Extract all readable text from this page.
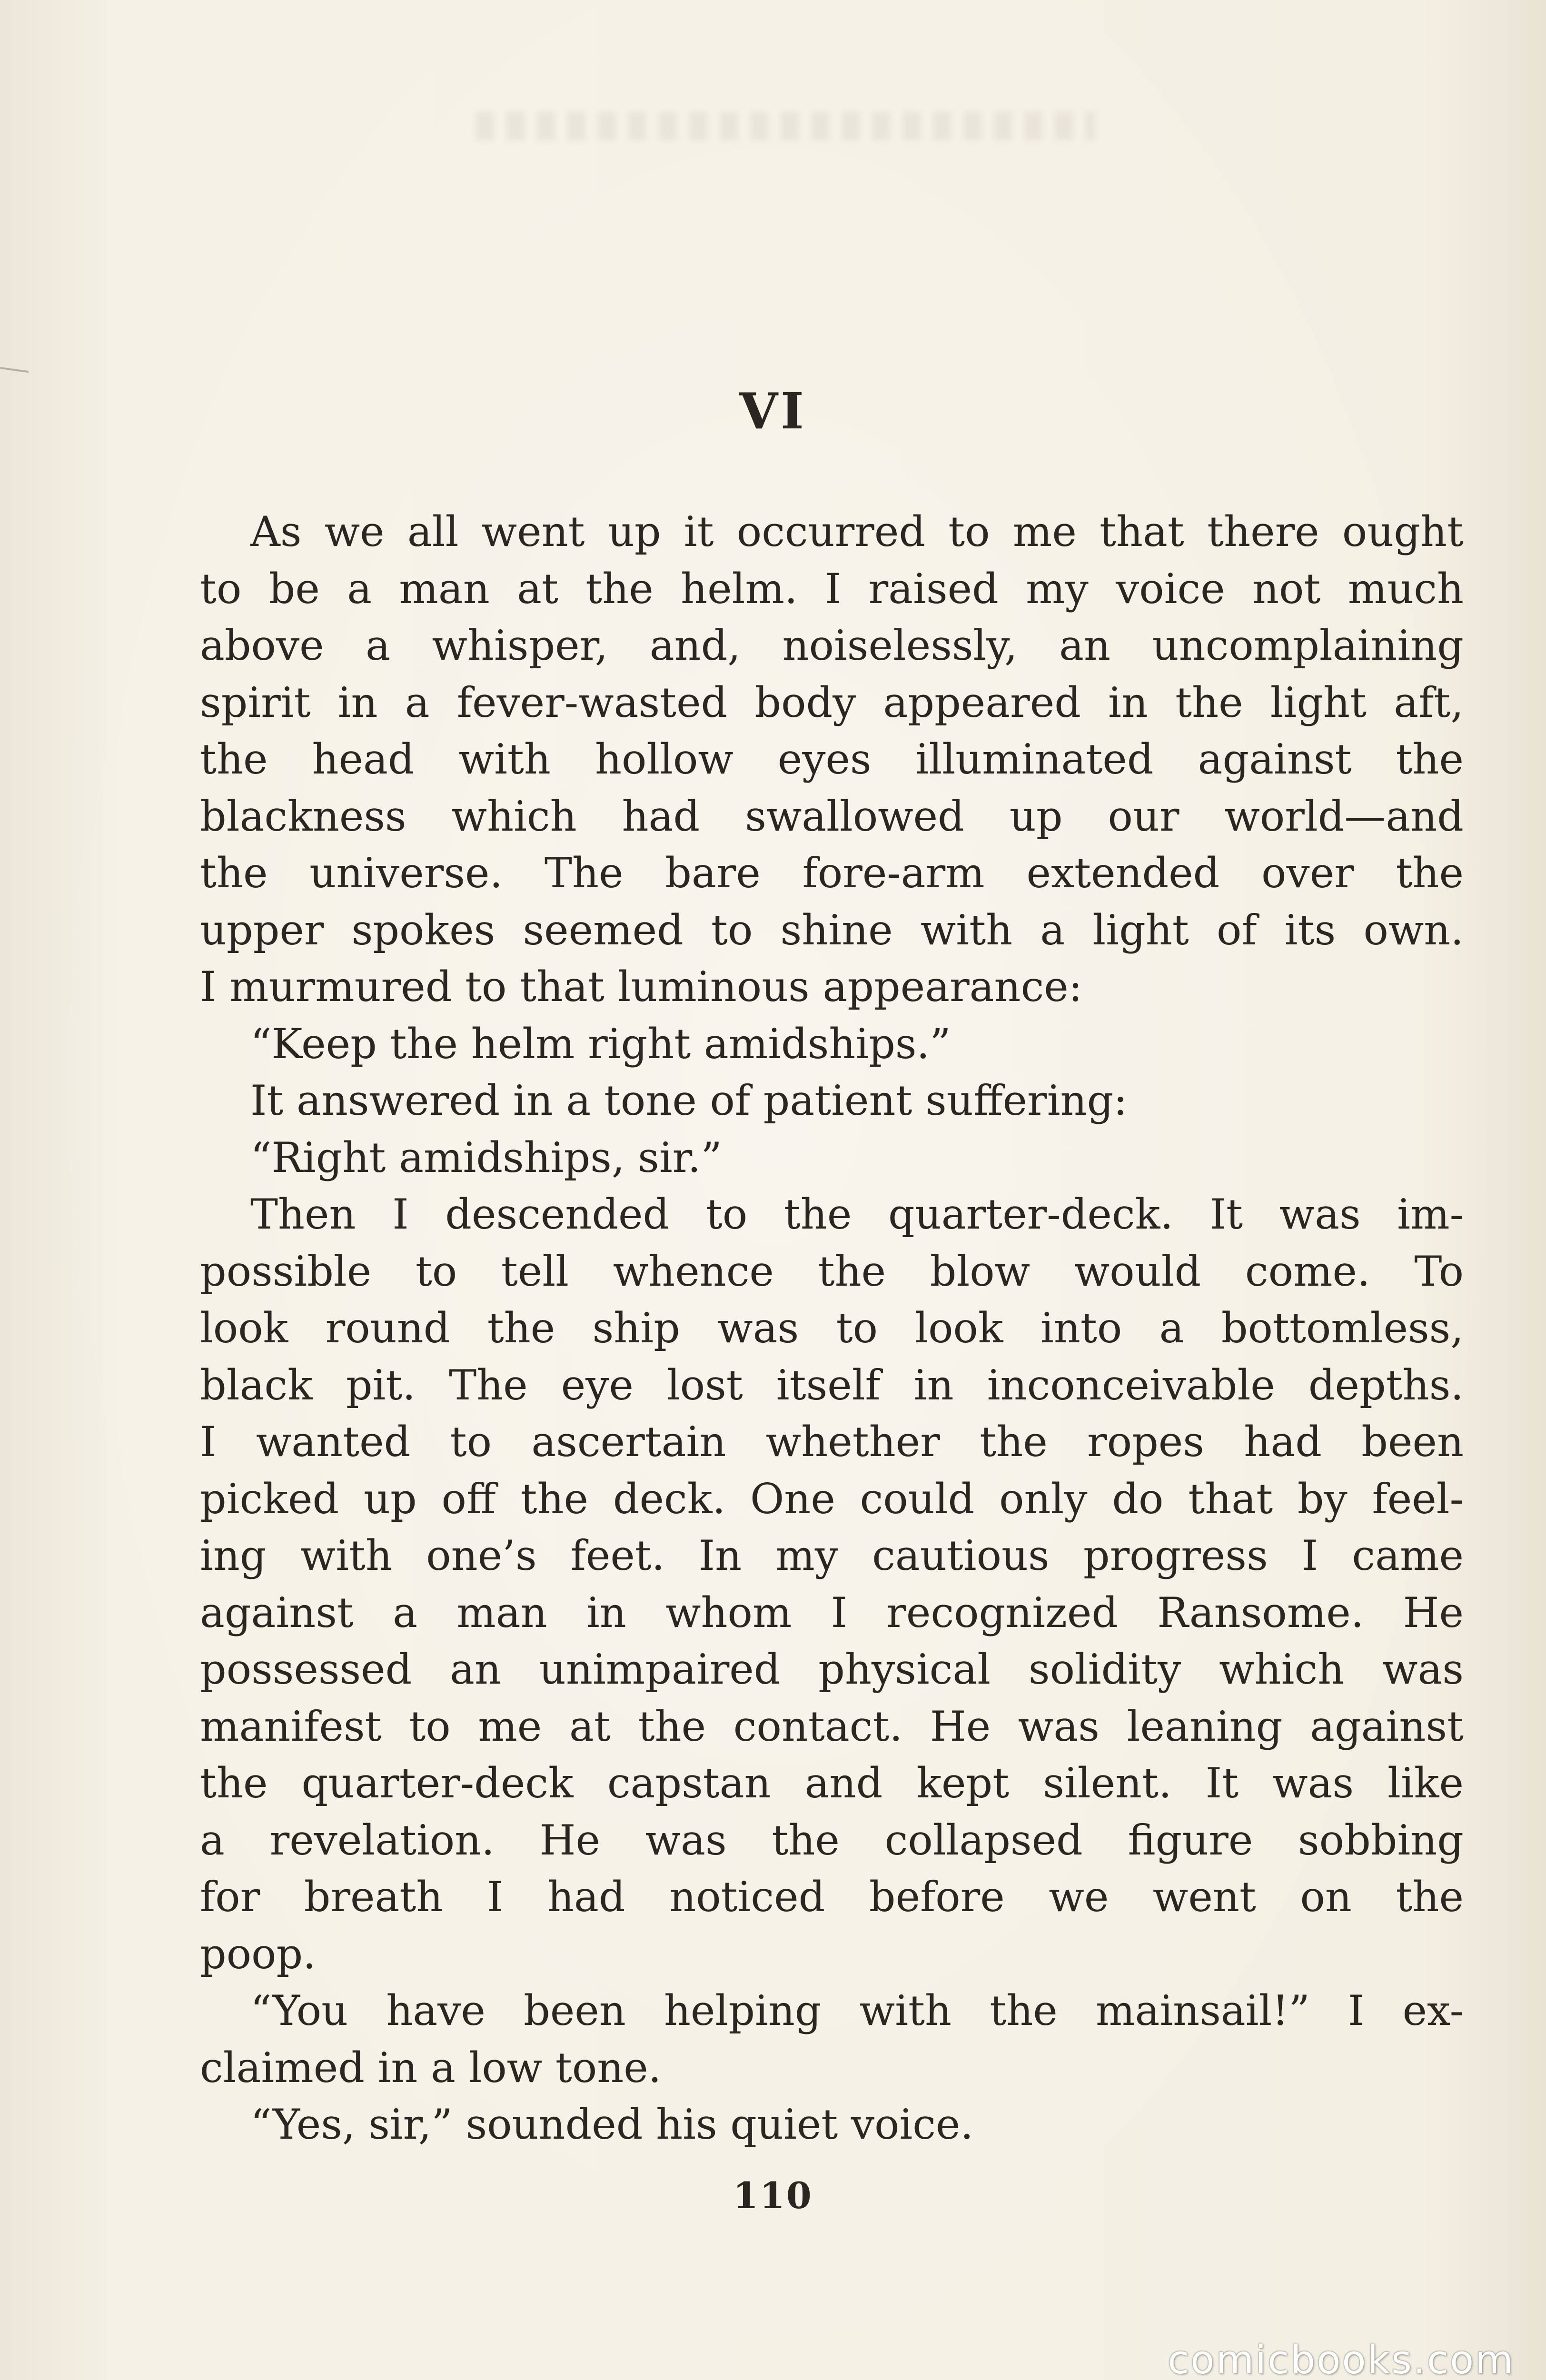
VI
As we all went up it occurred to me that there ought
to be a man at the helm. I raised my voice not much
above a whisper, and, noiselessly, an uncomplaining
spirit in a fever-wasted body appeared in the light aft,
the head with hollow eyes illuminated against the
blackness which had swallowed up our world—and
the universe. The bare fore-arm extended over the
upper spokes seemed to shine with a light of its own.
I murmured to that luminous appearance:
“Keep the helm right amidships.”
It answered in a tone of patient suffering:
“Right amidships, sir.”
Then I descended to the quarter-deck. It was im-
possible to tell whence the blow would come. To
look round the ship was to look into a bottomless,
black pit. The eye lost itself in inconceivable depths.
I wanted to ascertain whether the ropes had been
picked up off the deck. One could only do that by feel-
ing with one’s feet. In my cautious progress I came
against a man in whom I recognized Ransome. He
possessed an unimpaired physical solidity which was
manifest to me at the contact. He was leaning against
the quarter-deck capstan and kept silent. It was like
a revelation. He was the collapsed figure sobbing
for breath I had noticed before we went on the
poop.
“You have been helping with the mainsail!” I ex-
claimed in a low tone.
“Yes, sir,” sounded his quiet voice.
110
comicbooks.com
